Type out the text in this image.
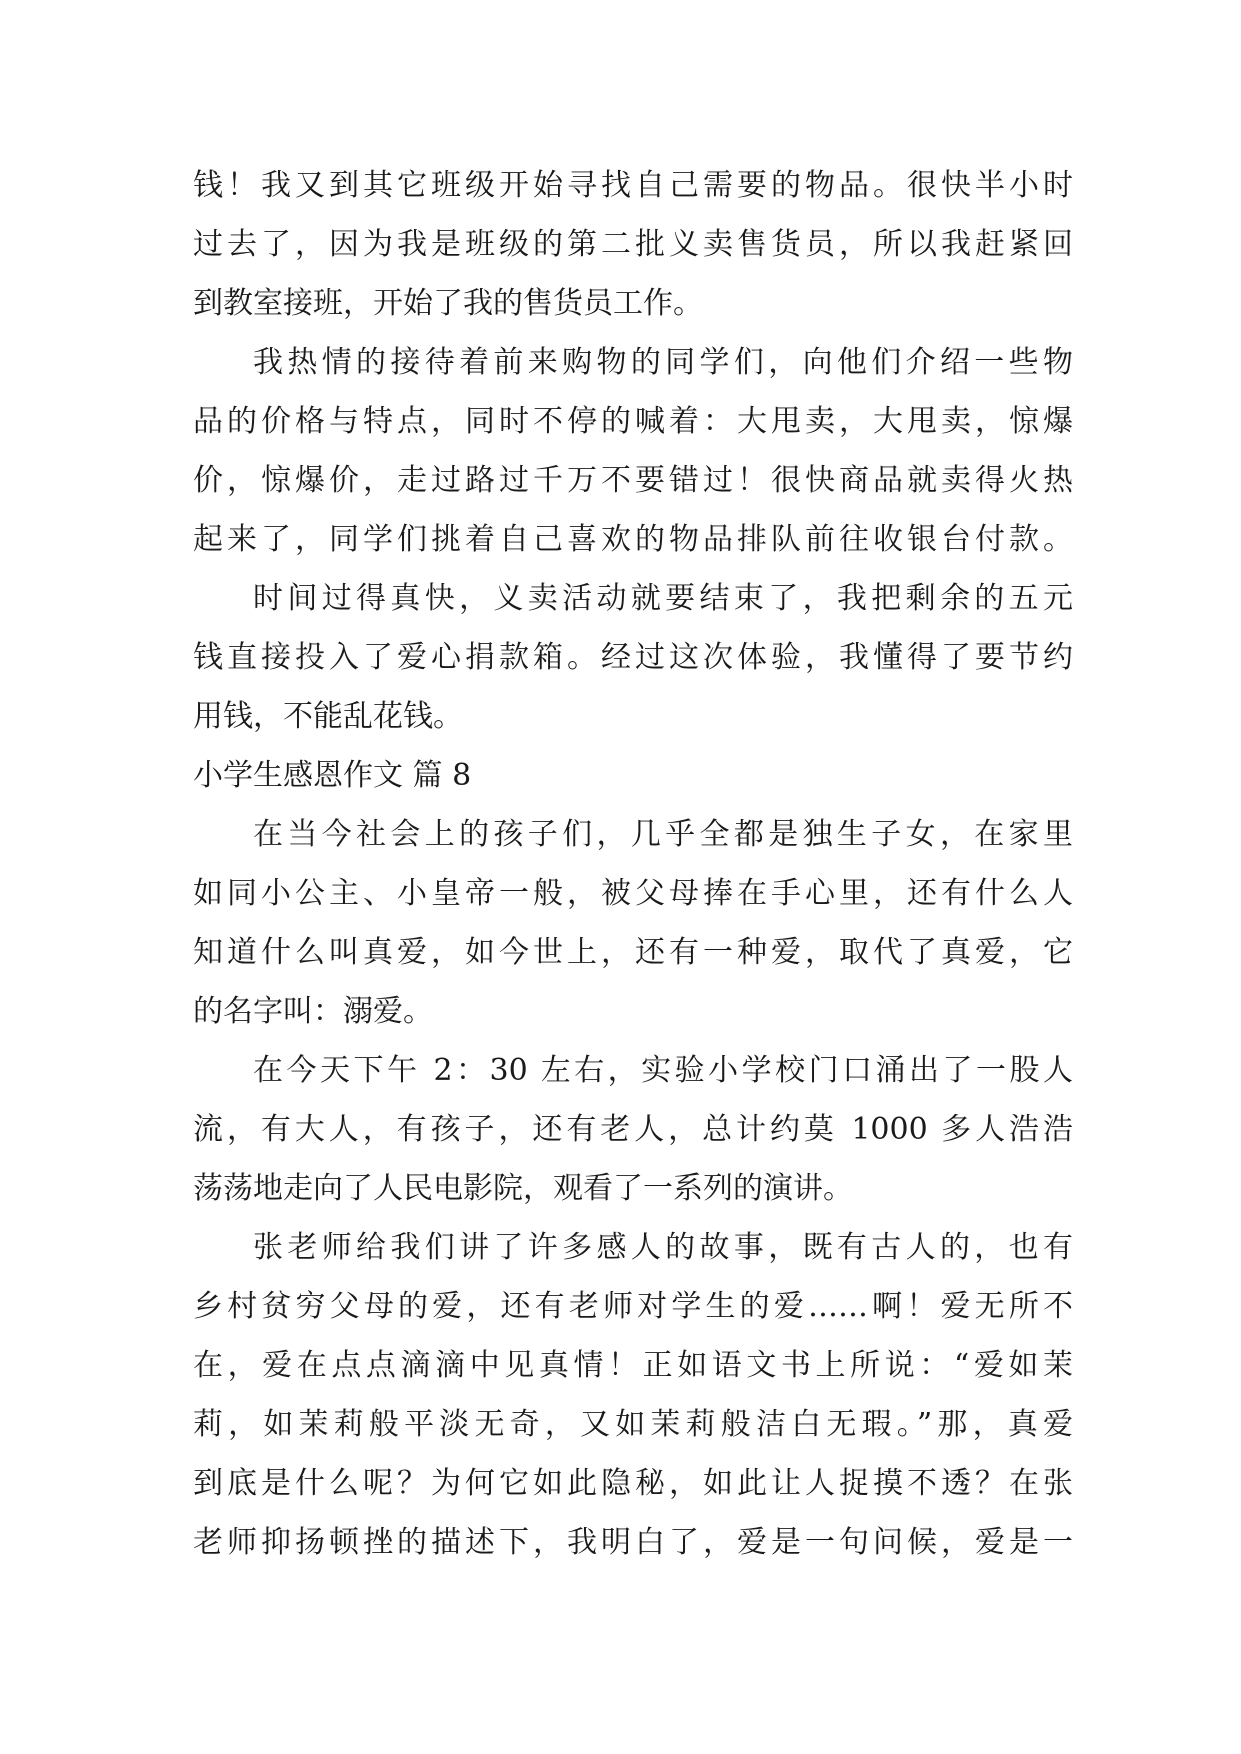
钱！我又到其它班级开始寻找自己需要的物品。很快半小时
过去了，因为我是班级的第二批义卖售货员，所以我赶紧回
到教室接班，开始了我的售货员工作。
我热情的接待着前来购物的同学们，向他们介绍一些物
品的价格与特点，同时不停的喊着：大甩卖，大甩卖，惊爆
价，惊爆价，走过路过千万不要错过！很快商品就卖得火热
起来了，同学们挑着自己喜欢的物品排队前往收银台付款。
时间过得真快，义卖活动就要结束了，我把剩余的五元
钱直接投入了爱心捐款箱。经过这次体验，我懂得了要节约
用钱，不能乱花钱。
小学生感恩作文 篇 8
在当今社会上的孩子们，几乎全都是独生子女，在家里
如同小公主、小皇帝一般，被父母捧在手心里，还有什么人
知道什么叫真爱，如今世上，还有一种爱，取代了真爱，它
的名字叫：溺爱。
在今天下午 2：30 左右，实验小学校门口涌出了一股人
流，有大人，有孩子，还有老人，总计约莫 1000 多人浩浩
荡荡地走向了人民电影院，观看了一系列的演讲。
张老师给我们讲了许多感人的故事，既有古人的，也有
乡村贫穷父母的爱，还有老师对学生的爱……啊！爱无所不
在，爱在点点滴滴中见真情！正如语文书上所说：“爱如茉
莉，如茉莉般平淡无奇，又如茉莉般洁白无瑕。”那，真爱
到底是什么呢？为何它如此隐秘，如此让人捉摸不透？在张
老师抑扬顿挫的描述下，我明白了，爱是一句问候，爱是一
